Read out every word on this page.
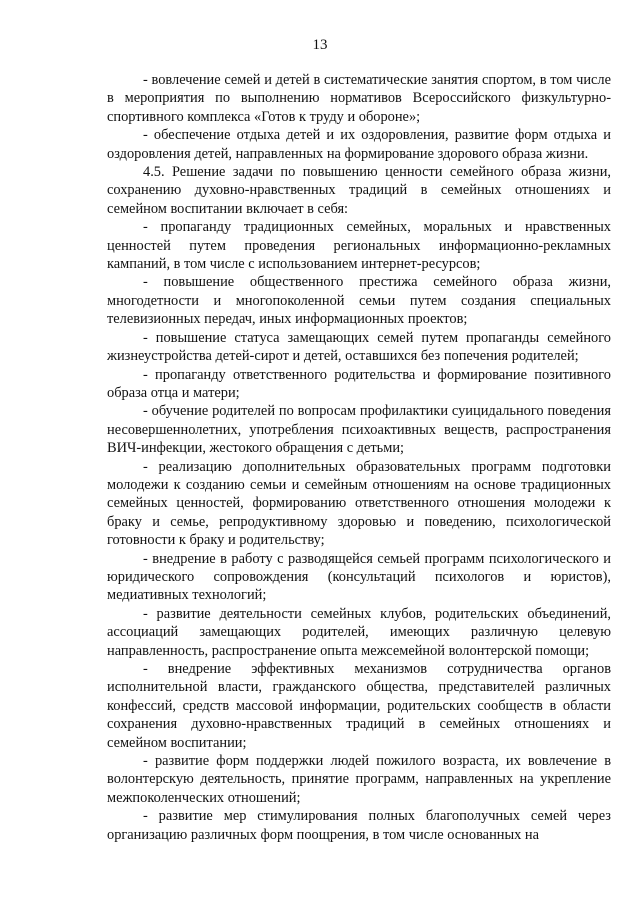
13

- вовлечение семей и детей в систематические занятия спортом, в том числе в мероприятия по выполнению нормативов Всероссийского физкультурно-спортивного комплекса «Готов к труду и обороне»;

- обеспечение отдыха детей и их оздоровления, развитие форм отдыха и оздоровления детей, направленных на формирование здорового образа жизни.

4.5. Решение задачи по повышению ценности семейного образа жизни, сохранению духовно-нравственных традиций в семейных отношениях и семейном воспитании включает в себя:

- пропаганду традиционных семейных, моральных и нравственных ценностей путем проведения региональных информационно-рекламных кампаний, в том числе с использованием интернет-ресурсов;

- повышение общественного престижа семейного образа жизни, многодетности и многопоколенной семьи путем создания специальных телевизионных передач, иных информационных проектов;

- повышение статуса замещающих семей путем пропаганды семейного жизнеустройства детей-сирот и детей, оставшихся без попечения родителей;

- пропаганду ответственного родительства и формирование позитивного образа отца и матери;

- обучение родителей по вопросам профилактики суицидального поведения несовершеннолетних, употребления психоактивных веществ, распространения ВИЧ-инфекции, жестокого обращения с детьми;

- реализацию дополнительных образовательных программ подготовки молодежи к созданию семьи и семейным отношениям на основе традиционных семейных ценностей, формированию ответственного отношения молодежи к браку и семье, репродуктивному здоровью и поведению, психологической готовности к браку и родительству;

- внедрение в работу с разводящейся семьей программ психологического и юридического сопровождения (консультаций психологов и юристов), медиативных технологий;

- развитие деятельности семейных клубов, родительских объединений, ассоциаций замещающих родителей, имеющих различную целевую направленность, распространение опыта межсемейной волонтерской помощи;

- внедрение эффективных механизмов сотрудничества органов исполнительной власти, гражданского общества, представителей различных конфессий, средств массовой информации, родительских сообществ в области сохранения духовно-нравственных традиций в семейных отношениях и семейном воспитании;

- развитие форм поддержки людей пожилого возраста, их вовлечение в волонтерскую деятельность, принятие программ, направленных на укрепление межпоколенческих отношений;

- развитие мер стимулирования полных благополучных семей через организацию различных форм поощрения, в том числе основанных на
